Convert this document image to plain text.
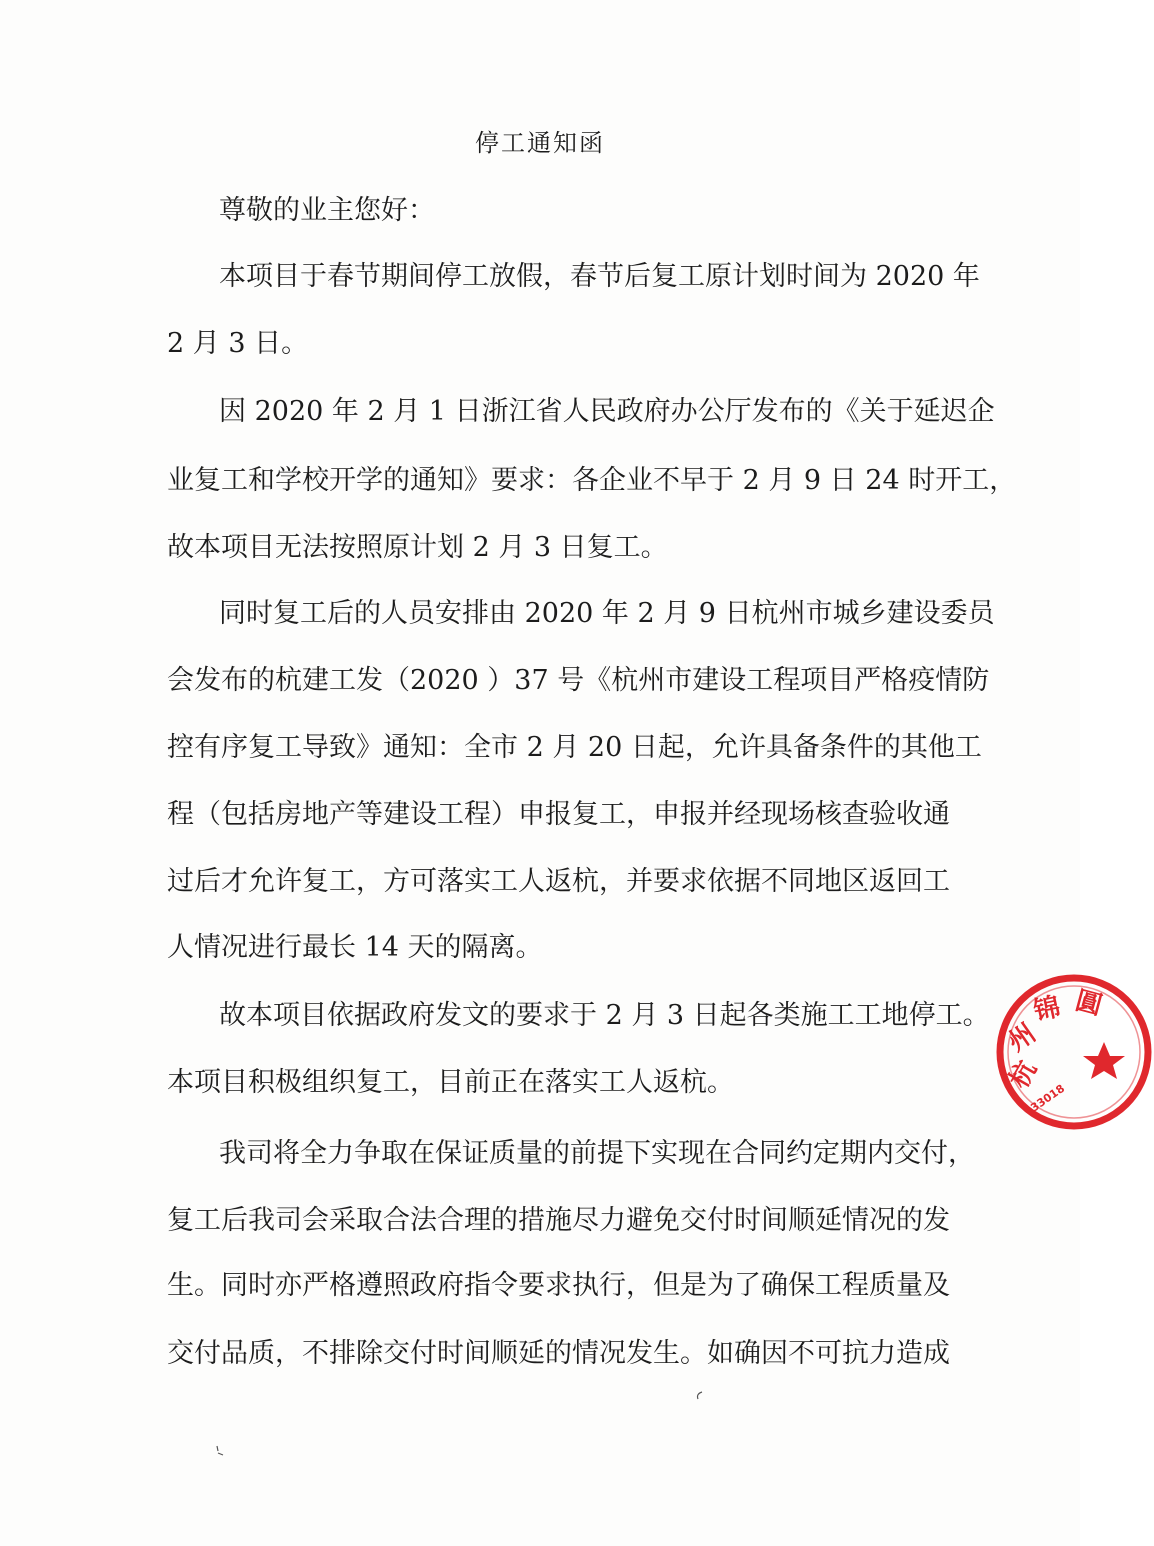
停工通知函
尊敬的业主您好：
本项目于春节期间停工放假，春节后复工原计划时间为 2020 年
2 月 3 日。
因 2020 年 2 月 1 日浙江省人民政府办公厅发布的《关于延迟企
业复工和学校开学的通知》要求：各企业不早于 2 月 9 日 24 时开工，
故本项目无法按照原计划 2 月 3 日复工。
同时复工后的人员安排由 2020 年 2 月 9 日杭州市城乡建设委员
会发布的杭建工发（2020 ）37 号《杭州市建设工程项目严格疫情防
控有序复工导致》通知：全市 2 月 20 日起，允许具备条件的其他工
程（包括房地产等建设工程）申报复工，申报并经现场核查验收通
过后才允许复工，方可落实工人返杭，并要求依据不同地区返回工
人情况进行最长 14 天的隔离。
故本项目依据政府发文的要求于 2 月 3 日起各类施工工地停工。
本项目积极组织复工，目前正在落实工人返杭。
我司将全力争取在保证质量的前提下实现在合同约定期内交付，
复工后我司会采取合法合理的措施尽力避免交付时间顺延情况的发
生。同时亦严格遵照政府指令要求执行，但是为了确保工程质量及
交付品质，不排除交付时间顺延的情况发生。如确因不可抗力造成
杭
州
锦 圓
33018
